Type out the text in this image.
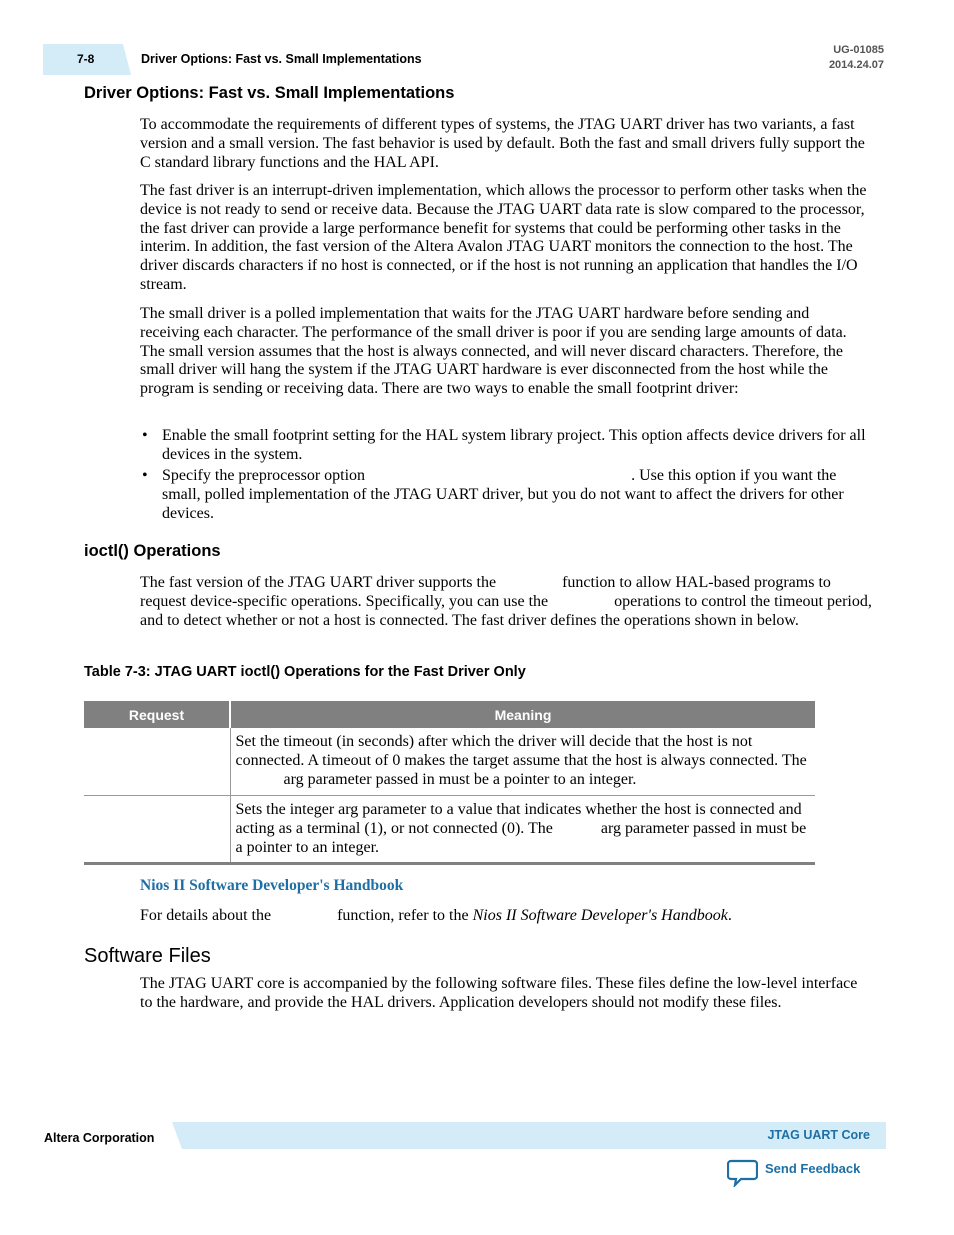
7-8	Driver Options: Fast vs. Small Implementations
UG-01085
2014.24.07
Driver Options: Fast vs. Small Implementations

To accommodate the requirements of different types of systems, the JTAG UART driver has two variants, a fast version and a small version. The fast behavior is used by default. Both the fast and small drivers fully support the C standard library functions and the HAL API.

The fast driver is an interrupt-driven implementation, which allows the processor to perform other tasks when the device is not ready to send or receive data. Because the JTAG UART data rate is slow compared to the processor, the fast driver can provide a large performance benefit for systems that could be performing other tasks in the interim. In addition, the fast version of the Altera Avalon JTAG UART monitors the connection to the host. The driver discards characters if no host is connected, or if the host is not running an application that handles the I/O stream.

The small driver is a polled implementation that waits for the JTAG UART hardware before sending and receiving each character. The performance of the small driver is poor if you are sending large amounts of data. The small version assumes that the host is always connected, and will never discard characters. Therefore, the small driver will hang the system if the JTAG UART hardware is ever disconnected from the host while the program is sending or receiving data. There are two ways to enable the small footprint driver:

• Enable the small footprint setting for the HAL system library project. This option affects device drivers for all devices in the system.

• Specify the preprocessor option	. Use this option if you want the small, polled implementation of the JTAG UART driver, but you do not want to affect the drivers for other devices.

ioctl() Operations

The fast version of the JTAG UART driver supports the	function to allow HAL-based programs to request device-specific operations. Specifically, you can use the	operations to control the timeout period, and to detect whether or not a host is connected. The fast driver defines the operations shown in below.

Table 7-3: JTAG UART ioctl() Operations for the Fast Driver Only
Request	Meaning
	Set the timeout (in seconds) after which the driver will decide that the host is not connected. A timeout of 0 makes the target assume that the host is always connected. Thearg parameter passed in must be a pointer to an integer.
	Sets the integer arg parameter to a value that indicates whether the host is connected and acting as a terminal (1), or not connected (0). The arg parameter passed in must be a pointer to an integer.
Nios II Software Developer's Handbook

For details about the	function, refer to the Nios II Software Developer's Handbook.

Software Files

The JTAG UART core is accompanied by the following software files. These files define the low-level interface to the hardware, and provide the HAL drivers. Application developers should not modify these files.

Altera Corporation	JTAG UART Core
Send Feedback
